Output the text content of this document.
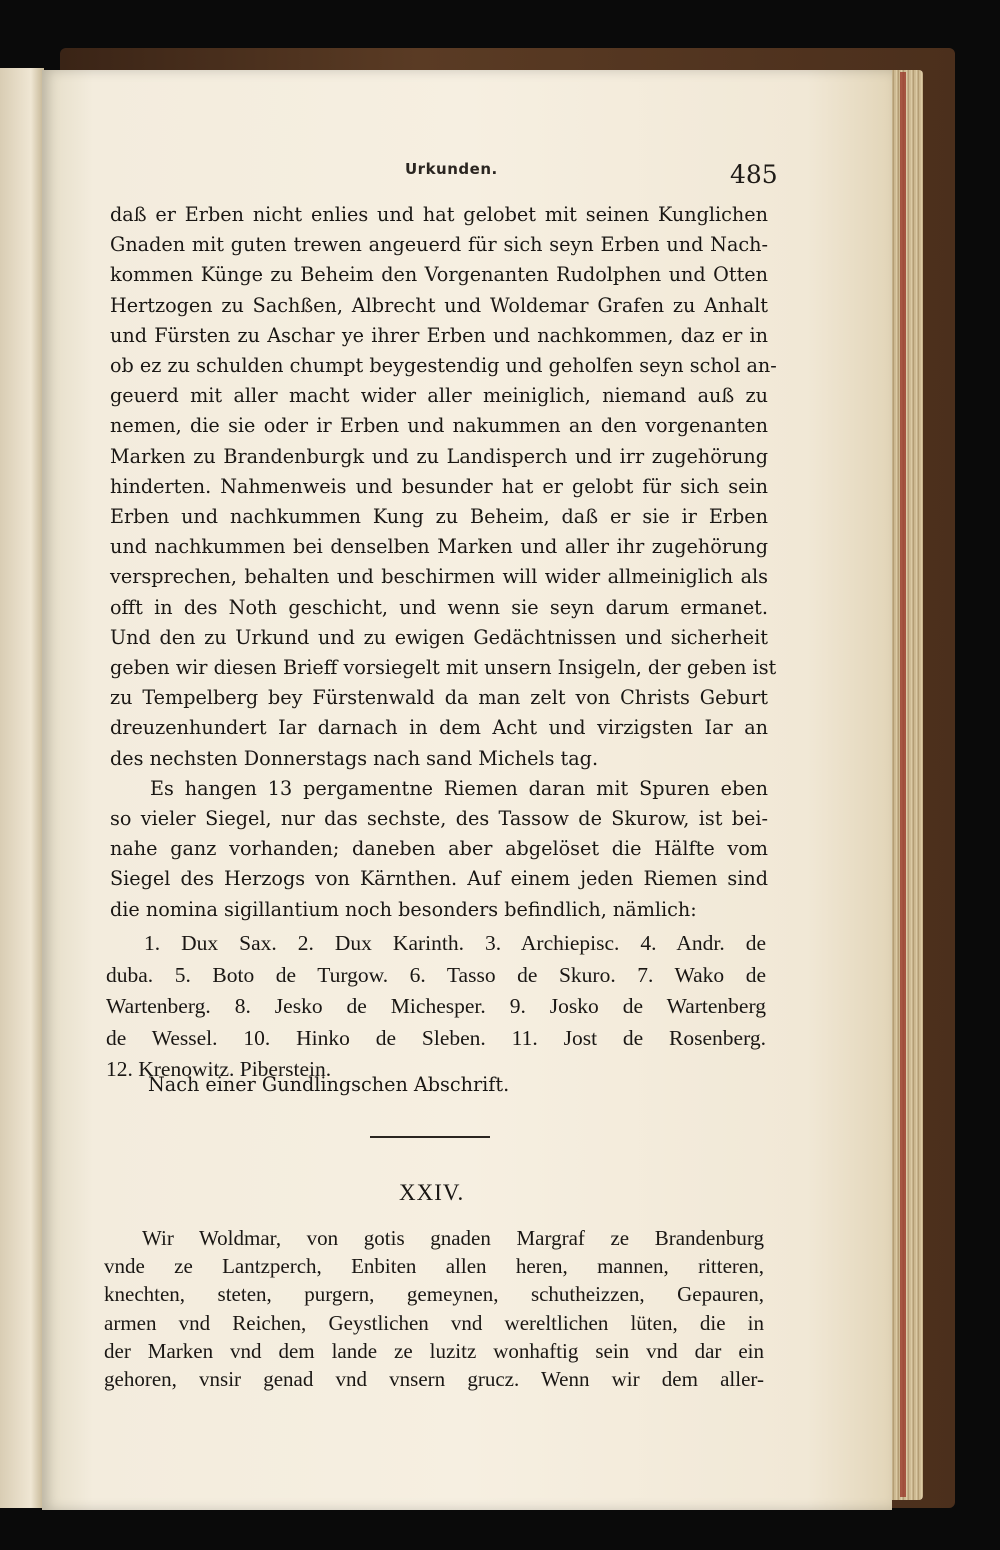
Urkunden.	485
daß er Erben nicht enlies und hat gelobet mit seinen Kunglichen
Gnaden mit guten trewen angeuerd für sich seyn Erben und Nach-
kommen Künge zu Beheim den Vorgenanten Rudolphen und Otten
Hertzogen zu Sachßen, Albrecht und Woldemar Grafen zu Anhalt
und Fürsten zu Aschar ye ihrer Erben und nachkommen, daz er in
ob ez zu schulden chumpt beygestendig und geholfen seyn schol an-
geuerd mit aller macht wider aller meiniglich, niemand auß zu
nemen, die sie oder ir Erben und nakummen an den vorgenanten
Marken zu Brandenburgk und zu Landisperch und irr zugehörung
hinderten. Nahmenweis und besunder hat er gelobt für sich sein
Erben und nachkummen Kung zu Beheim, daß er sie ir Erben
und nachkummen bei denselben Marken und aller ihr zugehörung
versprechen, behalten und beschirmen will wider allmeiniglich als
offt in des Noth geschicht, und wenn sie seyn darum ermanet.
Und den zu Urkund und zu ewigen Gedächtnissen und sicherheit
geben wir diesen Brieff vorsiegelt mit unsern Insigeln, der geben ist
zu Tempelberg bey Fürstenwald da man zelt von Christs Geburt
dreuzenhundert Iar darnach in dem Acht und virzigsten Iar an
des nechsten Donnerstags nach sand Michels tag.
Es hangen 13 pergamentne Riemen daran mit Spuren eben
so vieler Siegel, nur das sechste, des Tassow de Skurow, ist bei-
nahe ganz vorhanden; daneben aber abgelöset die Hälfte vom
Siegel des Herzogs von Kärnthen. Auf einem jeden Riemen sind
die nomina sigillantium noch besonders befindlich, nämlich:
1. Dux Sax. 2. Dux Karinth. 3. Archiepisc. 4. Andr. de
duba. 5. Boto de Turgow. 6. Tasso de Skuro. 7. Wako de
Wartenberg. 8. Jesko de Michesper. 9. Josko de Wartenberg
de Wessel. 10. Hinko de Sleben. 11. Jost de Rosenberg.
12. Krenowitz. Piberstein.
Nach einer Gundlingschen Abschrift.
XXIV.
Wir Woldmar, von gotis gnaden Margraf ze Brandenburg
vnde ze Lantzperch, Enbiten allen heren, mannen, ritteren,
knechten, steten, purgern, gemeynen, schutheizzen, Gepauren,
armen vnd Reichen, Geystlichen vnd wereltlichen lüten, die in
der Marken vnd dem lande ze luzitz wonhaftig sein vnd dar ein
gehoren, vnsir genad vnd vnsern grucz. Wenn wir dem aller-
